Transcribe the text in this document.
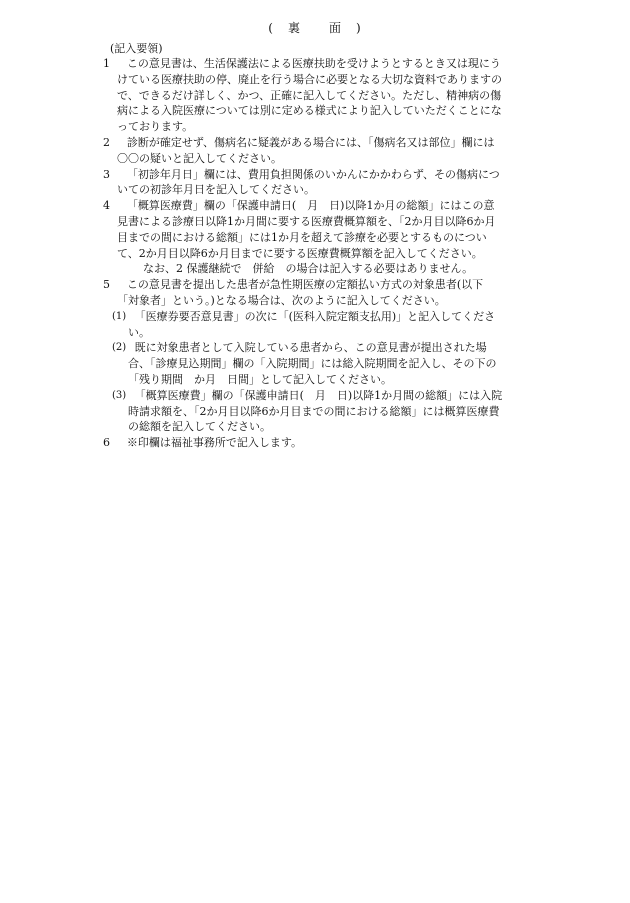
( 裏 面 )
(記入要領)
1	この意見書は、生活保護法による医療扶助を受けようとするとき又は現にうけている医療扶助の停、廃止を行う場合に必要となる大切な資料でありますので、できるだけ詳しく、かつ、正確に記入してください。ただし、精神病の傷病による入院医療については別に定める様式により記入していただくことになっております。
2	診断が確定せず、傷病名に疑義がある場合には、「傷病名又は部位」欄には〇〇の疑いと記入してください。
3	「初診年月日」欄には、費用負担関係のいかんにかかわらず、その傷病についての初診年月日を記入してください。
4	「概算医療費」欄の「保護申請日(　月　日)以降1か月の総額」にはこの意見書による診療日以降1か月間に要する医療費概算額を、「2か月目以降6か月目までの間における総額」には1か月を超えて診療を必要とするものについて、2か月目以降6か月目までに要する医療費概算額を記入してください。
なお、2 保護継続で　併給　の場合は記入する必要はありません。
5	この意見書を提出した患者が急性期医療の定額払い方式の対象患者(以下「対象者」という。)となる場合は、次のように記入してください。
(1) 「医療券要否意見書」の次に「(医科入院定額支払用)」と記入してください。
(2) 既に対象患者として入院している患者から、この意見書が提出された場合、「診療見込期間」欄の「入院期間」には総入院期間を記入し、その下の「残り期間　か月　日間」として記入してください。
(3) 「概算医療費」欄の「保護申請日(　月　日)以降1か月間の総額」には入院時請求額を、「2か月目以降6か月目までの間における総額」には概算医療費の総額を記入してください。
6	※印欄は福祉事務所で記入します。
